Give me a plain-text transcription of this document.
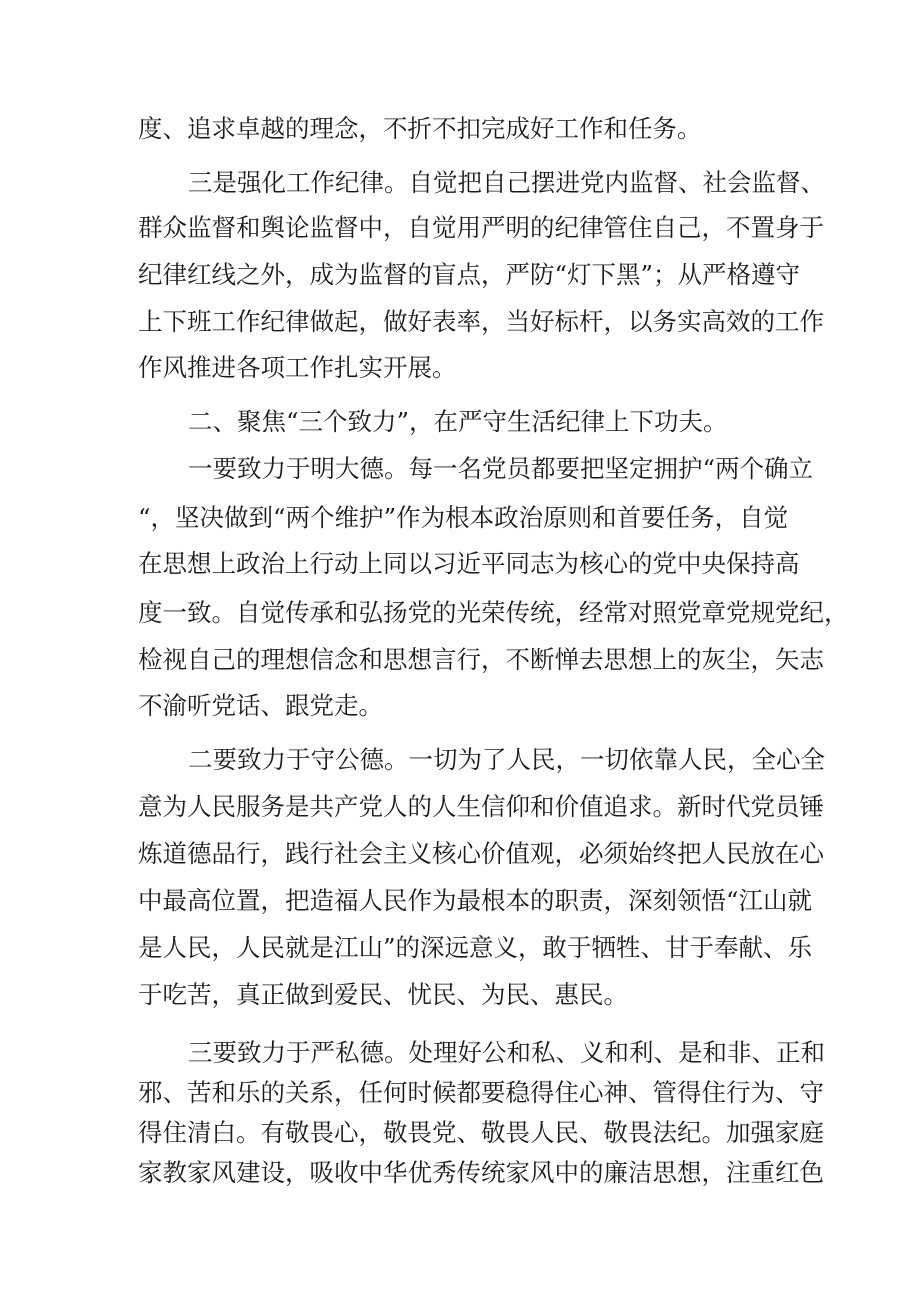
度、追求卓越的理念，不折不扣完成好工作和任务。
三是强化工作纪律。自觉把自己摆进党内监督、社会监督、
群众监督和舆论监督中，自觉用严明的纪律管住自己，不置身于
纪律红线之外，成为监督的盲点，严防“灯下黑”；从严格遵守
上下班工作纪律做起，做好表率，当好标杆，以务实高效的工作
作风推进各项工作扎实开展。
二、聚焦“三个致力”，在严守生活纪律上下功夫。
一要致力于明大德。每一名党员都要把坚定拥护“两个确立
“，坚决做到“两个维护”作为根本政治原则和首要任务，自觉
在思想上政治上行动上同以习近平同志为核心的党中央保持高
度一致。自觉传承和弘扬党的光荣传统，经常对照党章党规党纪，
检视自己的理想信念和思想言行，不断惮去思想上的灰尘，矢志
不渝听党话、跟党走。
二要致力于守公德。一切为了人民，一切依靠人民，全心全
意为人民服务是共产党人的人生信仰和价值追求。新时代党员锤
炼道德品行，践行社会主义核心价值观，必须始终把人民放在心
中最高位置，把造福人民作为最根本的职责，深刻领悟“江山就
是人民，人民就是江山”的深远意义，敢于牺牲、甘于奉献、乐
于吃苦，真正做到爱民、忧民、为民、惠民。
三要致力于严私德。处理好公和私、义和利、是和非、正和
邪、苦和乐的关系，任何时候都要稳得住心神、管得住行为、守
得住清白。有敬畏心，敬畏党、敬畏人民、敬畏法纪。加强家庭
家教家风建设，吸收中华优秀传统家风中的廉洁思想，注重红色
